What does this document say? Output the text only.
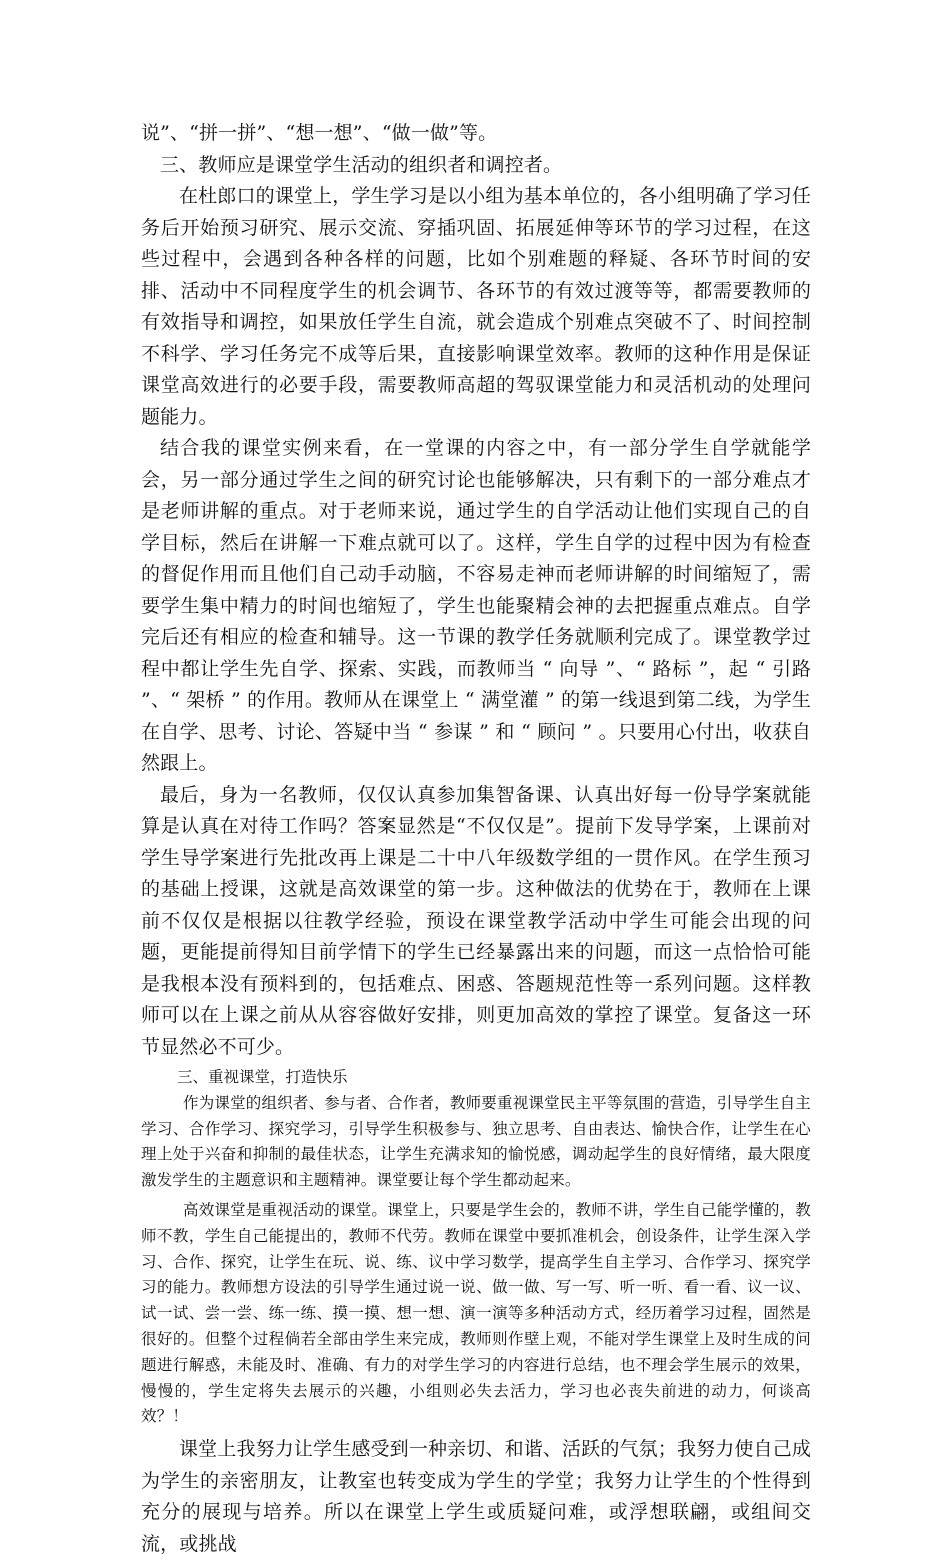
说”、“拼一拼”、“想一想”、“做一做”等。

三、教师应是课堂学生活动的组织者和调控者。

在杜郎口的课堂上，学生学习是以小组为基本单位的，各小组明确了学习任务后开始预习研究、展示交流、穿插巩固、拓展延伸等环节的学习过程，在这些过程中，会遇到各种各样的问题，比如个别难题的释疑、各环节时间的安排、活动中不同程度学生的机会调节、各环节的有效过渡等等，都需要教师的有效指导和调控，如果放任学生自流，就会造成个别难点突破不了、时间控制不科学、学习任务完不成等后果，直接影响课堂效率。教师的这种作用是保证课堂高效进行的必要手段，需要教师高超的驾驭课堂能力和灵活机动的处理问题能力。

结合我的课堂实例来看，在一堂课的内容之中，有一部分学生自学就能学会，另一部分通过学生之间的研究讨论也能够解决，只有剩下的一部分难点才是老师讲解的重点。对于老师来说，通过学生的自学活动让他们实现自己的自学目标，然后在讲解一下难点就可以了。这样，学生自学的过程中因为有检查的督促作用而且他们自己动手动脑，不容易走神而老师讲解的时间缩短了，需要学生集中精力的时间也缩短了，学生也能聚精会神的去把握重点难点。自学完后还有相应的检查和辅导。这一节课的教学任务就顺利完成了。课堂教学过程中都让学生先自学、探索、实践，而教师当 “ 向导 ”、“ 路标 ”，起 “ 引路 ”、“ 架桥 ” 的作用。教师从在课堂上 “ 满堂灌 ” 的第一线退到第二线，为学生在自学、思考、讨论、答疑中当 “ 参谋 ” 和 “ 顾问 ” 。只要用心付出，收获自然跟上。

最后，身为一名教师，仅仅认真参加集智备课、认真出好每一份导学案就能算是认真在对待工作吗？答案显然是“不仅仅是”。提前下发导学案，上课前对学生导学案进行先批改再上课是二十中八年级数学组的一贯作风。在学生预习的基础上授课，这就是高效课堂的第一步。这种做法的优势在于，教师在上课前不仅仅是根据以往教学经验，预设在课堂教学活动中学生可能会出现的问题，更能提前得知目前学情下的学生已经暴露出来的问题，而这一点恰恰可能是我根本没有预料到的，包括难点、困惑、答题规范性等一系列问题。这样教师可以在上课之前从从容容做好安排，则更加高效的掌控了课堂。复备这一环节显然必不可少。

三、重视课堂，打造快乐

作为课堂的组织者、参与者、合作者，教师要重视课堂民主平等氛围的营造，引导学生自主学习、合作学习、探究学习，引导学生积极参与、独立思考、自由表达、愉快合作，让学生在心理上处于兴奋和抑制的最佳状态，让学生充满求知的愉悦感，调动起学生的良好情绪，最大限度激发学生的主题意识和主题精神。课堂要让每个学生都动起来。

高效课堂是重视活动的课堂。课堂上，只要是学生会的，教师不讲，学生自己能学懂的，教师不教，学生自己能提出的，教师不代劳。教师在课堂中要抓准机会，创设条件，让学生深入学习、合作、探究，让学生在玩、说、练、议中学习数学，提高学生自主学习、合作学习、探究学习的能力。教师想方设法的引导学生通过说一说、做一做、写一写、听一听、看一看、议一议、试一试、尝一尝、练一练、摸一摸、想一想、演一演等多种活动方式，经历着学习过程，固然是很好的。但整个过程倘若全部由学生来完成，教师则作壁上观，不能对学生课堂上及时生成的问题进行解惑，未能及时、准确、有力的对学生学习的内容进行总结，也不理会学生展示的效果，慢慢的，学生定将失去展示的兴趣，小组则必失去活力，学习也必丧失前进的动力，何谈高效？！

课堂上我努力让学生感受到一种亲切、和谐、活跃的气氛；我努力使自己成为学生的亲密朋友，让教室也转变成为学生的学堂；我努力让学生的个性得到充分的展现与培养。所以在课堂上学生或质疑问难，或浮想联翩，或组间交流，或挑战
